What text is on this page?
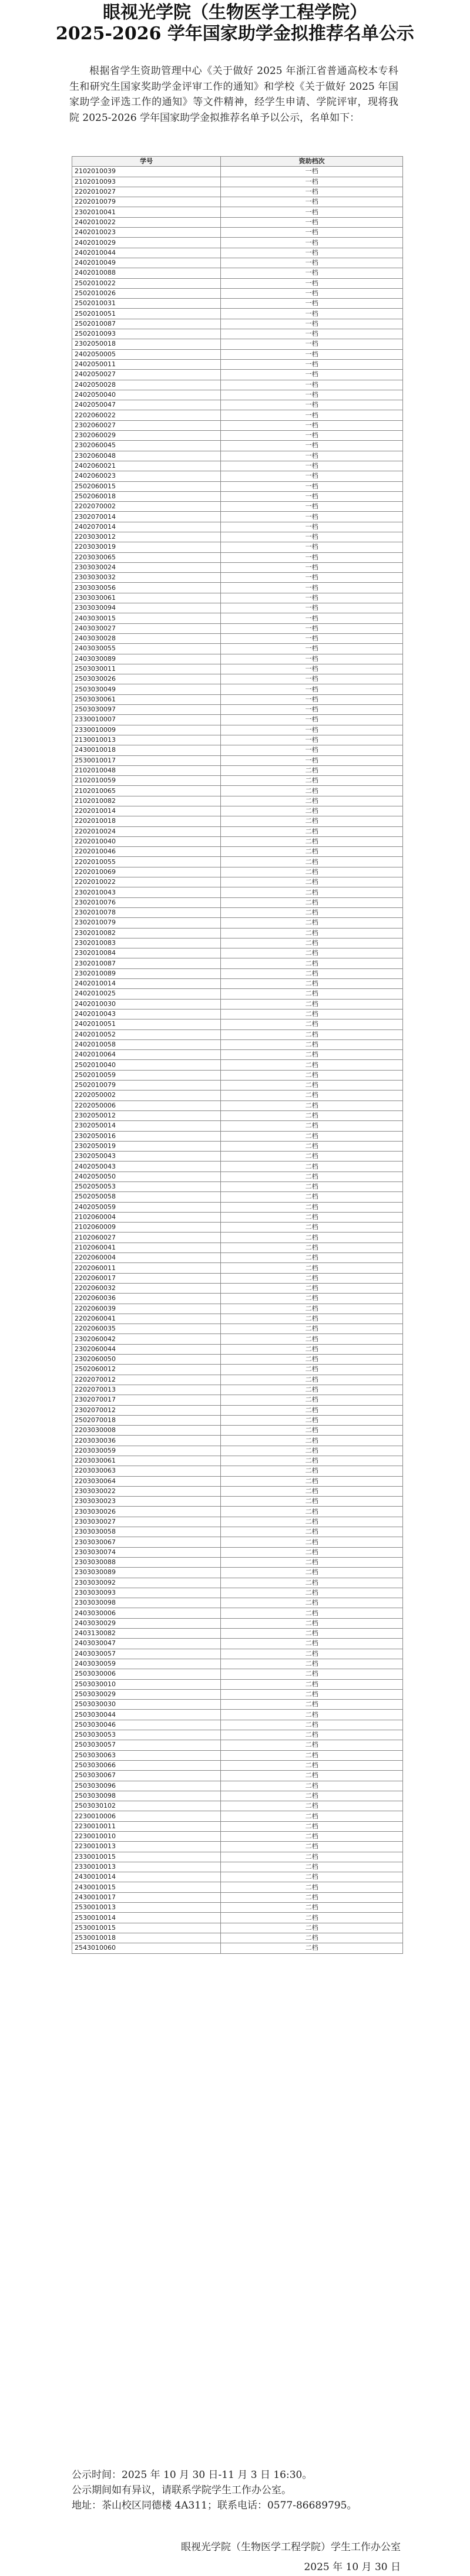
眼视光学院（生物医学工程学院）
2025-2026 学年国家助学金拟推荐名单公示

根据省学生资助管理中心《关于做好 2025 年浙江省普通高校本专科生和研究生国家奖助学金评审工作的通知》和学校《关于做好 2025 年国家助学金评选工作的通知》等文件精神，经学生申请、学院评审，现将我院 2025-2026 学年国家助学金拟推荐名单予以公示，名单如下：

学号	资助档次
2102010039	一档
2102010093	一档
2202010027	一档
2202010079	一档
2302010041	一档
2402010022	一档
2402010023	一档
2402010029	一档
2402010044	一档
2402010049	一档
2402010088	一档
2502010022	一档
2502010026	一档
2502010031	一档
2502010051	一档
2502010087	一档
2502010093	一档
2302050018	一档
2402050005	一档
2402050011	一档
2402050027	一档
2402050028	一档
2402050040	一档
2402050047	一档
2202060022	一档
2302060027	一档
2302060029	一档
2302060045	一档
2302060048	一档
2402060021	一档
2402060023	一档
2502060015	一档
2502060018	一档
2202070002	一档
2302070014	一档
2402070014	一档
2203030012	一档
2203030019	一档
2203030065	一档
2303030024	一档
2303030032	一档
2303030056	一档
2303030061	一档
2303030094	一档
2403030015	一档
2403030027	一档
2403030028	一档
2403030055	一档
2403030089	一档
2503030011	一档
2503030026	一档
2503030049	一档
2503030061	一档
2503030097	一档
2330010007	一档
2330010009	一档
2130010013	一档
2430010018	一档
2530010017	一档
2102010048	二档
2102010059	二档
2102010065	二档
2102010082	二档
2202010014	二档
2202010018	二档
2202010024	二档
2202010040	二档
2202010046	二档
2202010055	二档
2202010069	二档
2202010022	二档
2302010043	二档
2302010076	二档
2302010078	二档
2302010079	二档
2302010082	二档
2302010083	二档
2302010084	二档
2302010087	二档
2302010089	二档
2402010014	二档
2402010025	二档
2402010030	二档
2402010043	二档
2402010051	二档
2402010052	二档
2402010058	二档
2402010064	二档
2502010040	二档
2502010059	二档
2502010079	二档
2202050002	二档
2202050006	二档
2302050012	二档
2302050014	二档
2302050016	二档
2302050019	二档
2302050043	二档
2402050043	二档
2402050050	二档
2502050053	二档
2502050058	二档
2402050059	二档
2102060004	二档
2102060009	二档
2102060027	二档
2102060041	二档
2202060004	二档
2202060011	二档
2202060017	二档
2202060032	二档
2202060036	二档
2202060039	二档
2202060041	二档
2202060035	二档
2302060042	二档
2302060044	二档
2302060050	二档
2502060012	二档
2202070012	二档
2202070013	二档
2302070017	二档
2302070012	二档
2502070018	二档
2203030008	二档
2203030036	二档
2203030059	二档
2203030061	二档
2203030063	二档
2203030064	二档
2303030022	二档
2303030023	二档
2303030026	二档
2303030027	二档
2303030058	二档
2303030067	二档
2303030074	二档
2303030088	二档
2303030089	二档
2303030092	二档
2303030093	二档
2303030098	二档
2403030006	二档
2403030029	二档
2403130082	二档
2403030047	二档
2403030057	二档
2403030059	二档
2503030006	二档
2503030010	二档
2503030029	二档
2503030030	二档
2503030044	二档
2503030046	二档
2503030053	二档
2503030057	二档
2503030063	二档
2503030066	二档
2503030067	二档
2503030096	二档
2503030098	二档
2503030102	二档
2230010006	二档
2230010011	二档
2230010010	二档
2230010013	二档
2330010015	二档
2330010013	二档
2430010014	二档
2430010015	二档
2430010017	二档
2530010013	二档
2530010014	二档
2530010015	二档
2530010018	二档
2543010060	二档
公示时间：2025 年 10 月 30 日-11 月 3 日 16:30。
公示期间如有异议，请联系学院学生工作办公室。
地址：茶山校区同德楼 4A311；联系电话：0577-86689795。
眼视光学院（生物医学工程学院）学生工作办公室
2025 年 10 月 30 日
